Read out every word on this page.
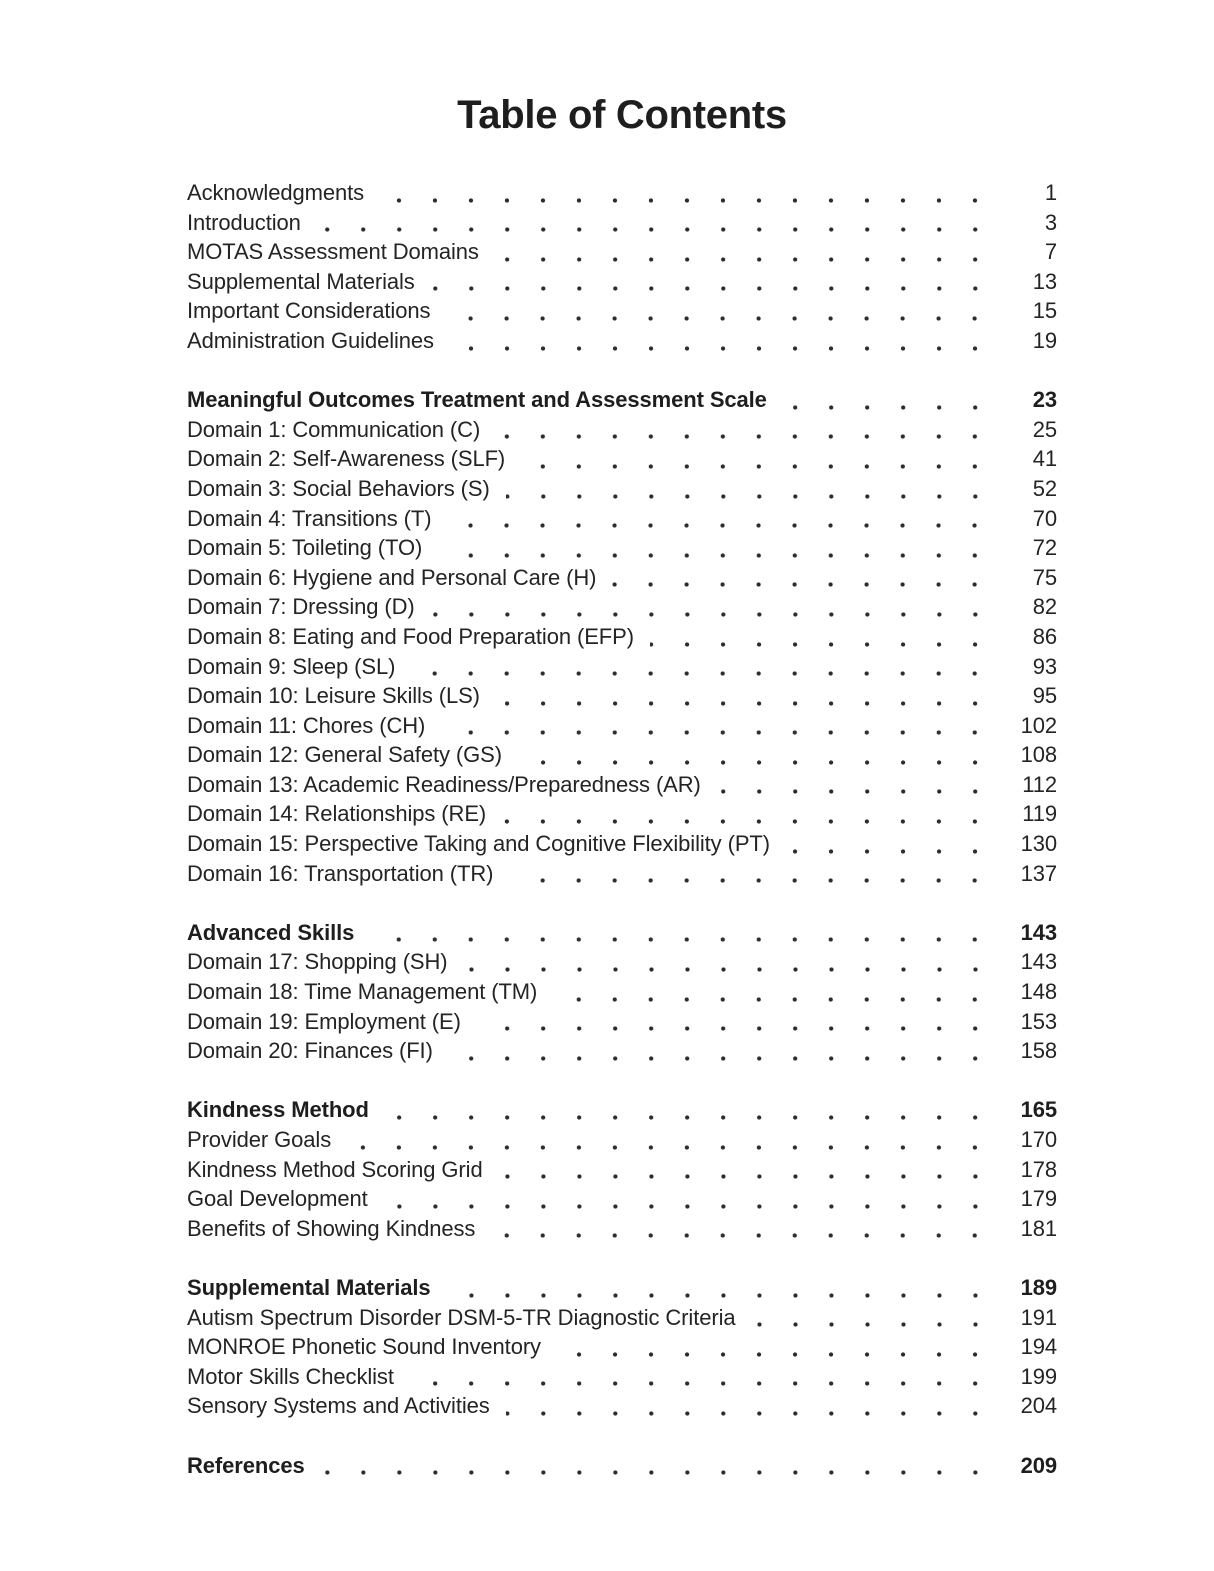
Table of Contents
Acknowledgments	1
Introduction	3
MOTAS Assessment Domains	7
Supplemental Materials	13
Important Considerations	15
Administration Guidelines	19
Meaningful Outcomes Treatment and Assessment Scale	23
Domain 1: Communication (C)	25
Domain 2: Self-Awareness (SLF)	41
Domain 3: Social Behaviors (S)	52
Domain 4: Transitions (T)	70
Domain 5: Toileting (TO)	72
Domain 6: Hygiene and Personal Care (H)	75
Domain 7: Dressing (D)	82
Domain 8: Eating and Food Preparation (EFP)	86
Domain 9: Sleep (SL)	93
Domain 10: Leisure Skills (LS)	95
Domain 11: Chores (CH)	102
Domain 12: General Safety (GS)	108
Domain 13: Academic Readiness/Preparedness (AR)	112
Domain 14: Relationships (RE)	119
Domain 15: Perspective Taking and Cognitive Flexibility (PT)	130
Domain 16: Transportation (TR)	137
Advanced Skills	143
Domain 17: Shopping (SH)	143
Domain 18: Time Management (TM)	148
Domain 19: Employment (E)	153
Domain 20: Finances (FI)	158
Kindness Method	165
Provider Goals	170
Kindness Method Scoring Grid	178
Goal Development	179
Benefits of Showing Kindness	181
Supplemental Materials	189
Autism Spectrum Disorder DSM-5-TR Diagnostic Criteria	191
MONROE Phonetic Sound Inventory	194
Motor Skills Checklist	199
Sensory Systems and Activities	204
References	209
